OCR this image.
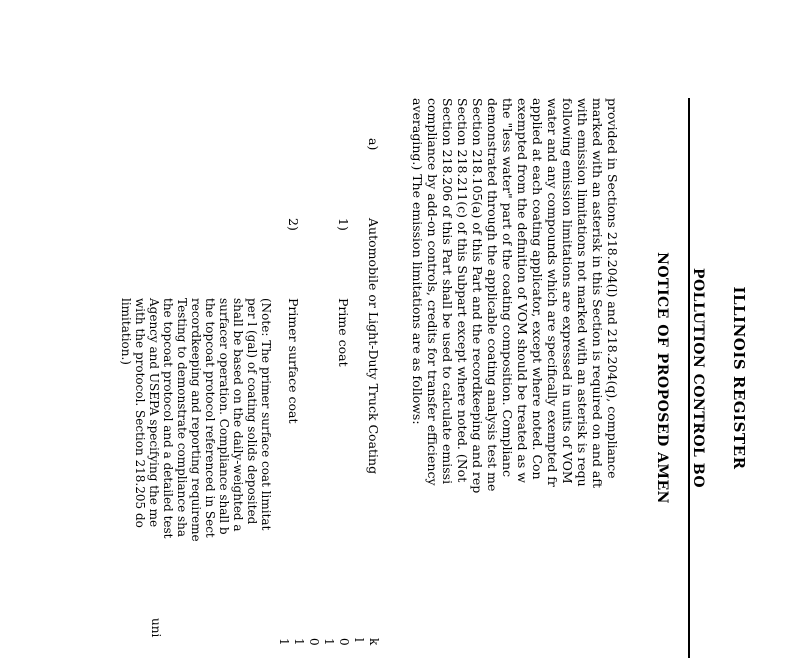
ILLINOIS REGISTER
POLLUTION CONTROL BO
NOTICE OF PROPOSED AMEN
provided in Sections 218.204(l) and 218.204(q), compliance
marked with an asterisk in this Section is required on and aft
with emission limitations not marked with an asterisk is requ
following emission limitations are expressed in units of VOM
water and any compounds which are specifically exempted fr
applied at each coating applicator, except where noted. Con
exempted from the definition of VOM should be treated as w
the "less water" part of the coating composition. Complianc
demonstrated through the applicable coating analysis test me
Section 218.105(a) of this Part and the recordkeeping and rep
Section 218.211(c) of this Subpart except where noted. (Not
Section 218.206 of this Part shall be used to calculate emissi
compliance by add-on controls, credits for transfer efficiency
averaging.) The emission limitations are as follows:
a)
Automobile or Light-Duty Truck Coating
1)
Prime coat
2)
Primer surface coat
(Note: The primer surface coat limitat
per l (gal) of coating solids deposited
shall be based on the daily-weighted a
surfacer operation. Compliance shall b
the topcoat protocol referenced in Sect
recordkeeping and reporting requireme
Testing to demonstrate compliance sha
the topcoat protocol and a detailed test
Agency and USEPA specifying the me
with the protocol. Section 218.205 do
limitation.)
k
l
0
1
0
1
1
uni
